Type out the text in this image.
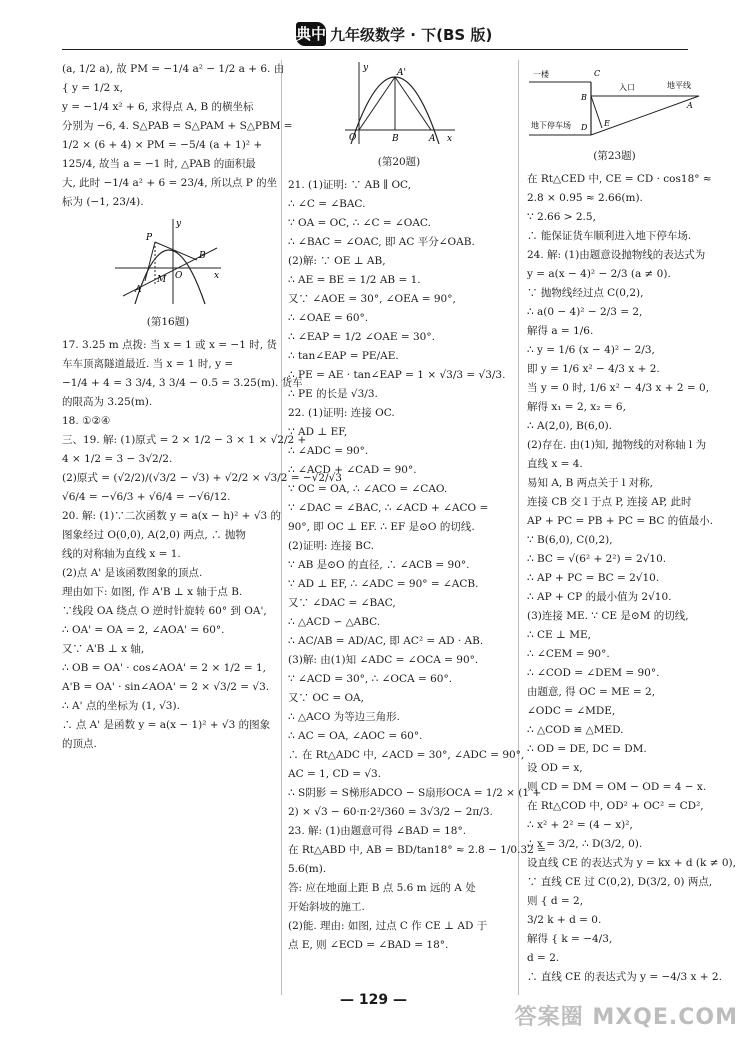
典中 九年级数学 · 下(BS 版)
(a, 1/2 a), 故 PM = −1/4 a² − 1/2 a + 6. 由
{ y = 1/2 x,
y = −1/4 x² + 6, 求得点 A, B 的横坐标
分别为 −6, 4. S△PAB = S△PAM + S△PBM =
1/2 × (6 + 4) × PM = −5/4 (a + 1)² +
125/4, 故当 a = −1 时, △PAB 的面积最
大, 此时 −1/4 a² + 6 = 23/4, 所以点 P 的坐
标为 (−1, 23/4).
y
P
B
A
M O	x
(第16题)
17. 3.25 m 点拨: 当 x = 1 或 x = −1 时, 货
车车顶离隧道最近. 当 x = 1 时, y =
−1/4 + 4 = 3 3/4, 3 3/4 − 0.5 = 3.25(m). 货车
的限高为 3.25(m).
18. ①②④
三、19. 解: (1)原式 = 2 × 1/2 − 3 × 1 × √2/2 +
4 × 1/2 = 3 − 3√2/2.
(2)原式 = (√2/2)/(√3/2 − √3) + √2/2 × √3/2 = −√2/√3
√6/4 = −√6/3 + √6/4 = −√6/12.
20. 解: (1)∵二次函数 y = a(x − h)² + √3 的
图象经过 O(0,0), A(2,0) 两点, ∴ 抛物
线的对称轴为直线 x = 1.
(2)点 A' 是该函数图象的顶点.
理由如下: 如图, 作 A'B ⊥ x 轴于点 B.
∵线段 OA 绕点 O 逆时针旋转 60° 到 OA',
∴ OA' = OA = 2, ∠AOA' = 60°.
又∵ A'B ⊥ x 轴,
∴ OB = OA' · cos∠AOA' = 2 × 1/2 = 1,
A'B = OA' · sin∠AOA' = 2 × √3/2 = √3.
∴ A' 点的坐标为 (1, √3).
∴ 点 A' 是函数 y = a(x − 1)² + √3 的图象
的顶点.
y	A'
O	B	A x
(第20题)
21. (1)证明: ∵ AB ∥ OC,
∴ ∠C = ∠BAC.
∵ OA = OC, ∴ ∠C = ∠OAC.
∴ ∠BAC = ∠OAC, 即 AC 平分∠OAB.
(2)解: ∵ OE ⊥ AB,
∴ AE = BE = 1/2 AB = 1.
又∵ ∠AOE = 30°, ∠OEA = 90°,
∴ ∠OAE = 60°.
∴ ∠EAP = 1/2 ∠OAE = 30°.
∴ tan∠EAP = PE/AE.
∴ PE = AE · tan∠EAP = 1 × √3/3 = √3/3.
∴ PE 的长是 √3/3.
22. (1)证明: 连接 OC.
∵ AD ⊥ EF,
∴ ∠ADC = 90°.
∴ ∠ACD + ∠CAD = 90°.
∵ OC = OA, ∴ ∠ACO = ∠CAO.
∵ ∠DAC = ∠BAC, ∴ ∠ACD + ∠ACO =
90°, 即 OC ⊥ EF. ∴ EF 是⊙O 的切线.
(2)证明: 连接 BC.
∵ AB 是⊙O 的直径, ∴ ∠ACB = 90°.
∵ AD ⊥ EF, ∴ ∠ADC = 90° = ∠ACB.
又∵ ∠DAC = ∠BAC,
∴ △ACD ∽ △ABC.
∴ AC/AB = AD/AC, 即 AC² = AD · AB.
(3)解: 由(1)知 ∠ADC = ∠OCA = 90°.
∵ ∠ACD = 30°, ∴ ∠OCA = 60°.
又∵ OC = OA,
∴ △ACO 为等边三角形.
∴ AC = OA, ∠AOC = 60°.
∴ 在 Rt△ADC 中, ∠ACD = 30°, ∠ADC = 90°,
AC = 1, CD = √3.
∴ S阴影 = S梯形ADCO − S扇形OCA = 1/2 × (1 +
2) × √3 − 60·π·2²/360 = 3√3/2 − 2π/3.
23. 解: (1)由题意可得 ∠BAD = 18°.
在 Rt△ABD 中, AB = BD/tan18° ≈ 2.8 − 1/0.32 =
5.6(m).
答: 应在地面上距 B 点 5.6 m 远的 A 处
开始斜坡的施工.
(2)能. 理由: 如图, 过点 C 作 CE ⊥ AD 于
点 E, 则 ∠ECD = ∠BAD = 18°.
一楼	C
B
入口	地平线
A
D
地下停车场	E
(第23题)
在 Rt△CED 中, CE = CD · cos18° ≈
2.8 × 0.95 ≈ 2.66(m).
∵ 2.66 > 2.5,
∴ 能保证货车顺利进入地下停车场.
24. 解: (1)由题意设抛物线的表达式为
y = a(x − 4)² − 2/3 (a ≠ 0).
∵ 抛物线经过点 C(0,2),
∴ a(0 − 4)² − 2/3 = 2,
解得 a = 1/6.
∴ y = 1/6 (x − 4)² − 2/3,
即 y = 1/6 x² − 4/3 x + 2.
当 y = 0 时, 1/6 x² − 4/3 x + 2 = 0,
解得 x₁ = 2, x₂ = 6,
∴ A(2,0), B(6,0).
(2)存在. 由(1)知, 抛物线的对称轴 l 为
直线 x = 4.
易知 A, B 两点关于 l 对称,
连接 CB 交 l 于点 P, 连接 AP, 此时
AP + PC = PB + PC = BC 的值最小.
∵ B(6,0), C(0,2),
∴ BC = √(6² + 2²) = 2√10.
∴ AP + PC = BC = 2√10.
∴ AP + CP 的最小值为 2√10.
(3)连接 ME. ∵ CE 是⊙M 的切线,
∴ CE ⊥ ME,
∴ ∠CEM = 90°.
∴ ∠COD = ∠DEM = 90°.
由题意, 得 OC = ME = 2,
∠ODC = ∠MDE,
∴ △COD ≌ △MED.
∴ OD = DE, DC = DM.
设 OD = x,
则 CD = DM = OM − OD = 4 − x.
在 Rt△COD 中, OD² + OC² = CD²,
∴ x² + 2² = (4 − x)²,
∴ x = 3/2, ∴ D(3/2, 0).
设直线 CE 的表达式为 y = kx + d (k ≠ 0),
∵ 直线 CE 过 C(0,2), D(3/2, 0) 两点,
则 { d = 2,
3/2 k + d = 0.
解得 { k = −4/3,
d = 2.
∴ 直线 CE 的表达式为 y = −4/3 x + 2.
— 129 —
答案圈 MXQE.COM
